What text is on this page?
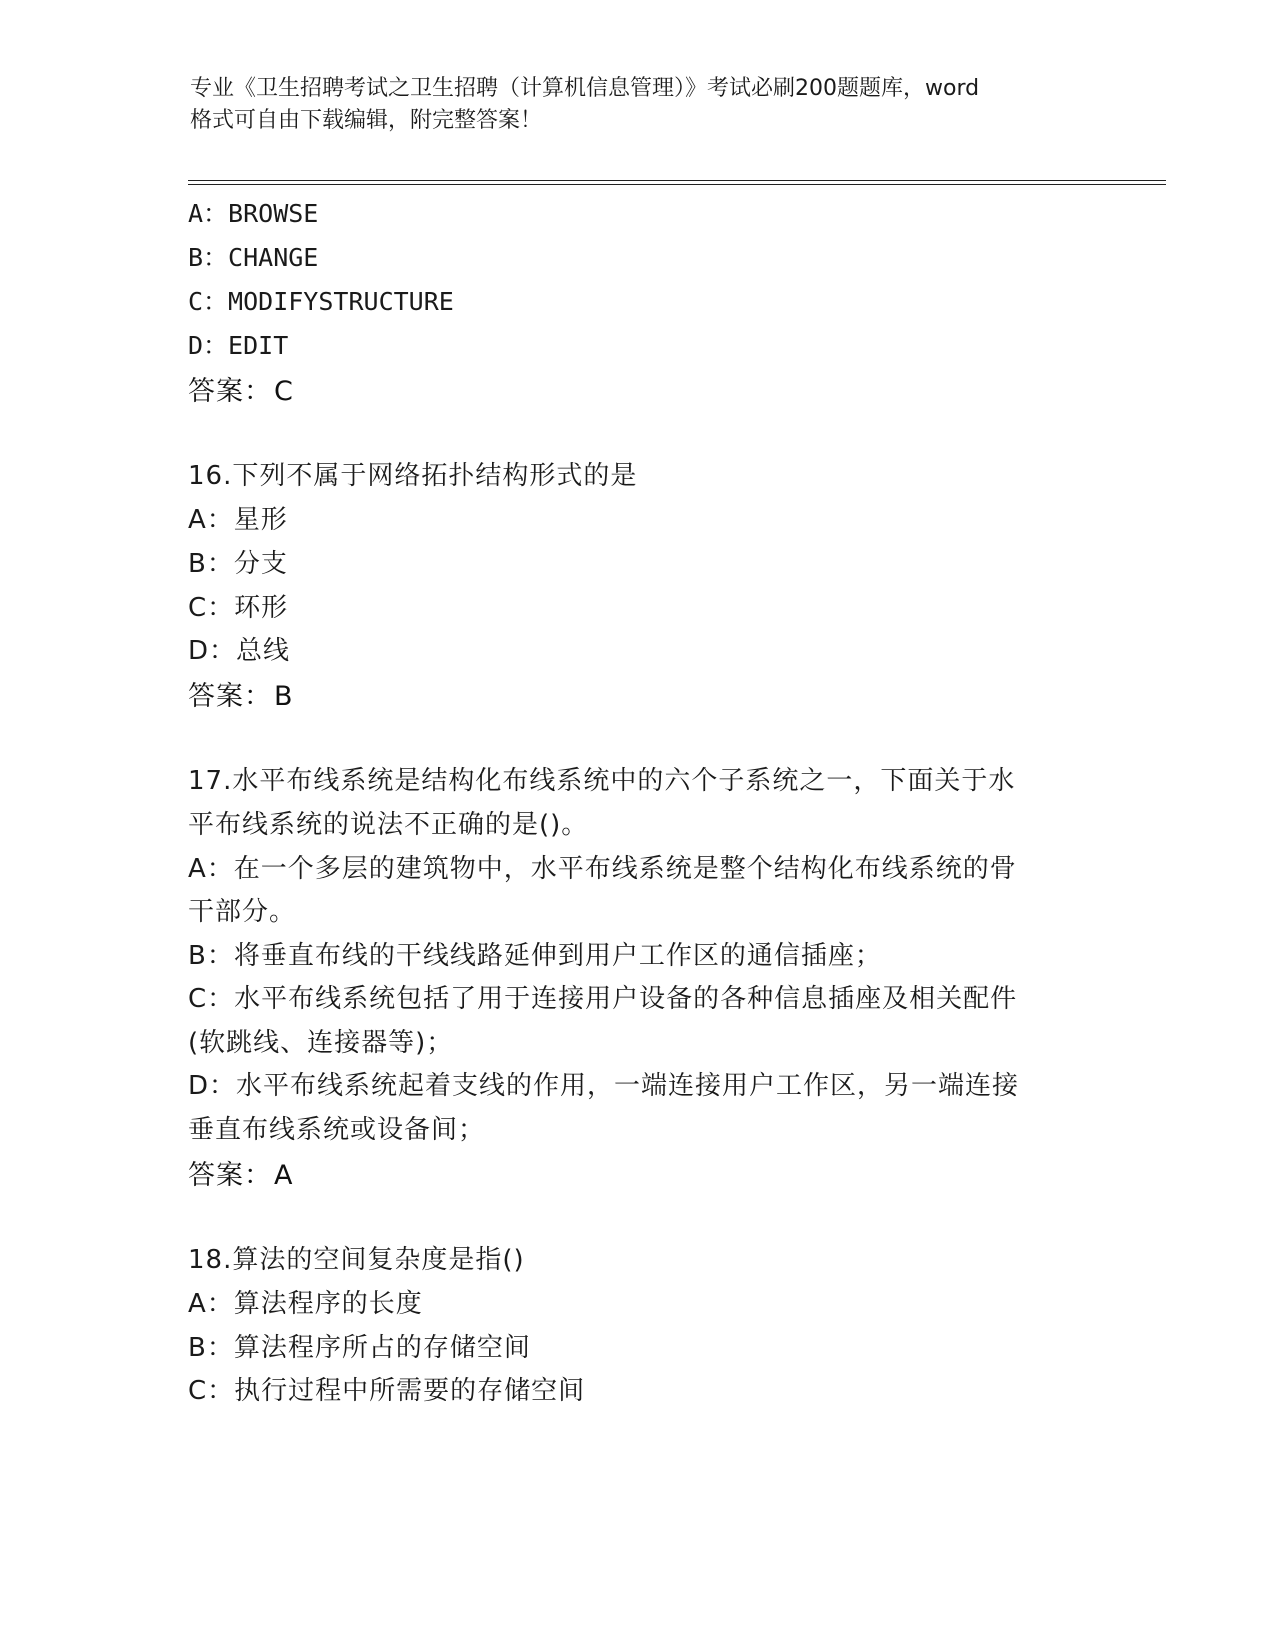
专业《卫生招聘考试之卫生招聘（计算机信息管理）》考试必刷200题题库，word
格式可自由下载编辑，附完整答案！
A：BROWSE
B：CHANGE
C：MODIFYSTRUCTURE
D：EDIT
答案：C
16.下列不属于网络拓扑结构形式的是
A：星形
B：分支
C：环形
D：总线
答案：B
17.水平布线系统是结构化布线系统中的六个子系统之一，下面关于水
平布线系统的说法不正确的是()。
A：在一个多层的建筑物中，水平布线系统是整个结构化布线系统的骨
干部分。
B：将垂直布线的干线线路延伸到用户工作区的通信插座；
C：水平布线系统包括了用于连接用户设备的各种信息插座及相关配件
(软跳线、连接器等)；
D：水平布线系统起着支线的作用，一端连接用户工作区，另一端连接
垂直布线系统或设备间；
答案：A
18.算法的空间复杂度是指()
A：算法程序的长度
B：算法程序所占的存储空间
C：执行过程中所需要的存储空间
